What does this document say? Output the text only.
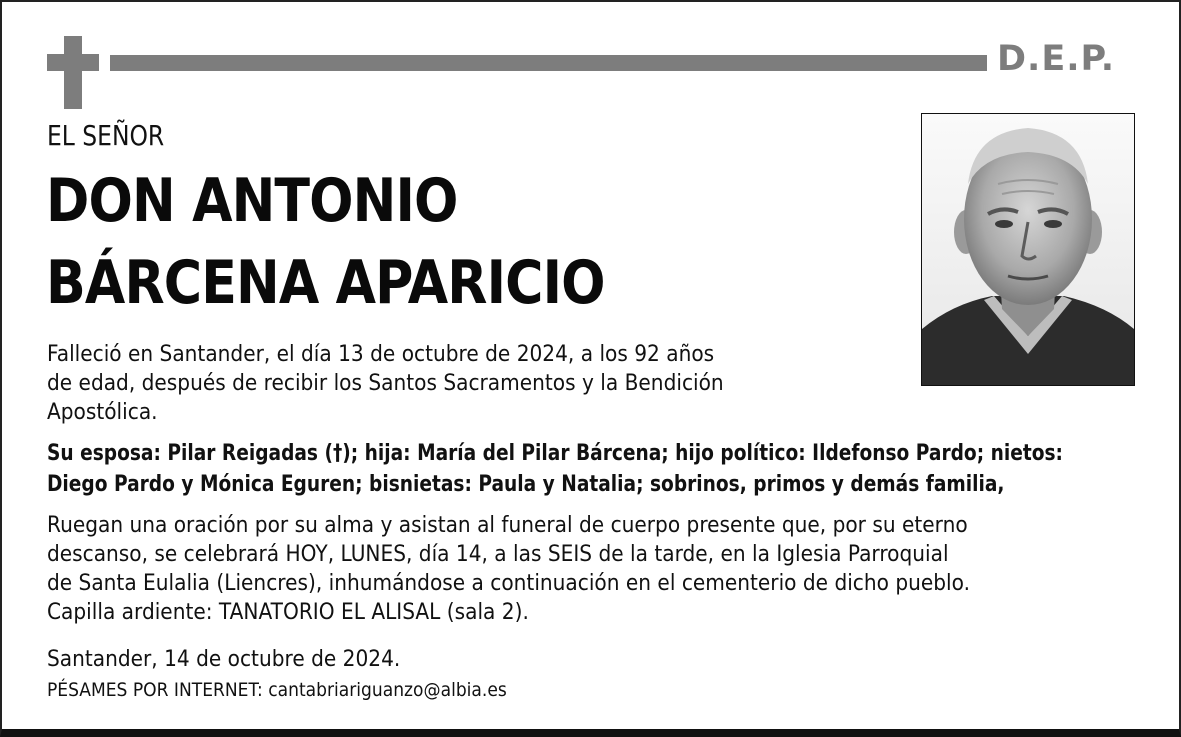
D.E.P.
EL SEÑOR
DON ANTONIO
BÁRCENA APARICIO
Falleció en Santander, el día 13 de octubre de 2024, a los 92 años
de edad, después de recibir los Santos Sacramentos y la Bendición
Apostólica.
Su esposa: Pilar Reigadas (†); hija: María del Pilar Bárcena; hijo político: Ildefonso Pardo; nietos:
Diego Pardo y Mónica Eguren; bisnietas: Paula y Natalia; sobrinos, primos y demás familia,
Ruegan una oración por su alma y asistan al funeral de cuerpo presente que, por su eterno
descanso, se celebrará HOY, LUNES, día 14, a las SEIS de la tarde, en la Iglesia Parroquial
de Santa Eulalia (Liencres), inhumándose a continuación en el cementerio de dicho pueblo.
Capilla ardiente: TANATORIO EL ALISAL (sala 2).
Santander, 14 de octubre de 2024.
PÉSAMES POR INTERNET: cantabriariguanzo@albia.es
